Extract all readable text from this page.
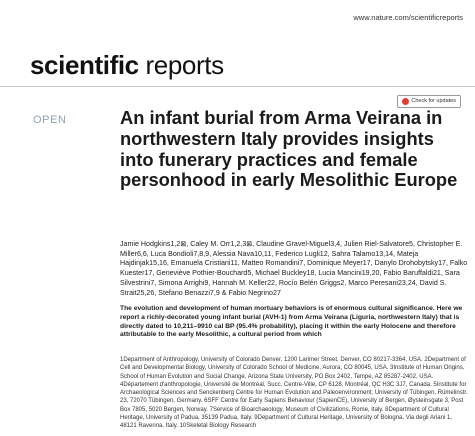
www.nature.com/scientificreports
scientific reports
Check for updates
OPEN	An infant burial from Arma Veirana in northwestern Italy provides insights into funerary practices and female personhood in early Mesolithic Europe

Jamie Hodgkins1,2⊠, Caley M. Orr1,2,3⊠, Claudine Gravel-Miguel3,4, Julien Riel-Salvatore5, Christopher E. Miller6,6, Luca Bondioli7,8,9, Alessia Nava10,11, Federico Lugli12, Sahra Talamo13,14, Mateja Hajdinjak15,16, Emanuela Cristiani11, Matteo Romandini7, Dominique Meyer17, Danylo Drohobytsky17, Falko Kuester17, Geneviève Pothier-Bouchard5, Michael Buckley18, Lucia Mancini19,20, Fabio Baruffaldi21, Sara Silvestrini7, Simona Arrighi9, Hannah M. Keller22, Rocío Belén Griggs2, Marco Peresani23,24, David S. Strait25,26, Stefano Benazzi7,9 & Fabio Negrino27

The evolution and development of human mortuary behaviors is of enormous cultural significance. Here we report a richly-decorated young infant burial (AVH-1) from Arma Veirana (Liguria, northwestern Italy) that is directly dated to 10,211–9910 cal BP (95.4% probability), placing it within the early Holocene and therefore attributable to the early Mesolithic, a cultural period from which

1Department of Anthropology, University of Colorado Denver, 1200 Larimer Street, Denver, CO 80217-3364, USA. 2Department of Cell and Developmental Biology, University of Colorado School of Medicine, Aurora, CO 80045, USA. 3Institute of Human Origins, School of Human Evolution and Social Change, Arizona State University, PO Box 2402, Tempe, AZ 85287-2402, USA. 4Département d'anthropologie, Université de Montréal, Succ. Centre-Ville, CP 6128, Montréal, QC H3C 3J7, Canada. 5Institute for Archaeological Sciences and Senckenberg Centre for Human Evolution and Paleoenvironment, University of Tübingen, Rümelinstr. 23, 72070 Tübingen, Germany. 6SFF Centre for Early Sapiens Behaviour (SapienCE), University of Bergen, Øysteinsgate 3, Post Box 7805, 5020 Bergen, Norway. 7Service of Bioarchaeology, Museum of Civilizations, Rome, Italy. 8Department of Cultural Heritage, University of Padua, 35139 Padua, Italy. 9Department of Cultural Heritage, University of Bologna, Via degli Ariani 1, 48121 Ravenna, Italy. 10Skeletal Biology Research
